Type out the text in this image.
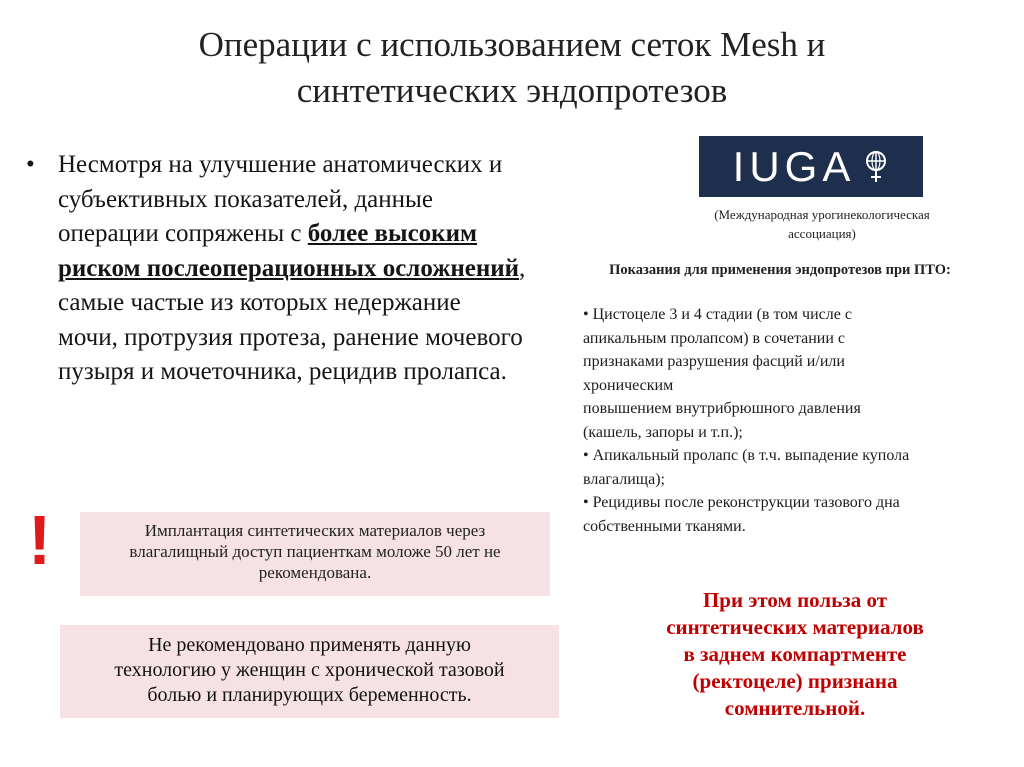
Операции с использованием сеток Mesh и
синтетических эндопротезов
• Несмотря на улучшение анатомических и субъективных показателей, данные операции сопряжены с более высоким риском послеоперационных осложнений, самые частые из которых недержание мочи, протрузия протеза, ранение мочевого пузыря и мочеточника, рецидив пролапса.
!	Имплантация синтетических материалов через влагалищный доступ пациенткам моложе 50 лет не рекомендована.
Не рекомендовано применять данную
технологию у женщин с хронической тазовой
болью и планирующих беременность.
IUGA
(Международная урогинекологическая
ассоциация)
Показания для применения эндопротезов при ПТО:
• Цистоцеле 3 и 4 стадии (в том числе с
апикальным пролапсом) в сочетании с
признаками разрушения фасций и/или
хроническим
повышением внутрибрюшного давления
(кашель, запоры и т.п.);
• Апикальный пролапс (в т.ч. выпадение купола
влагалища);
• Рецидивы после реконструкции тазового дна
собственными тканями.
При этом польза от
синтетических материалов
в заднем компартменте
(ректоцеле) признана
сомнительной.
